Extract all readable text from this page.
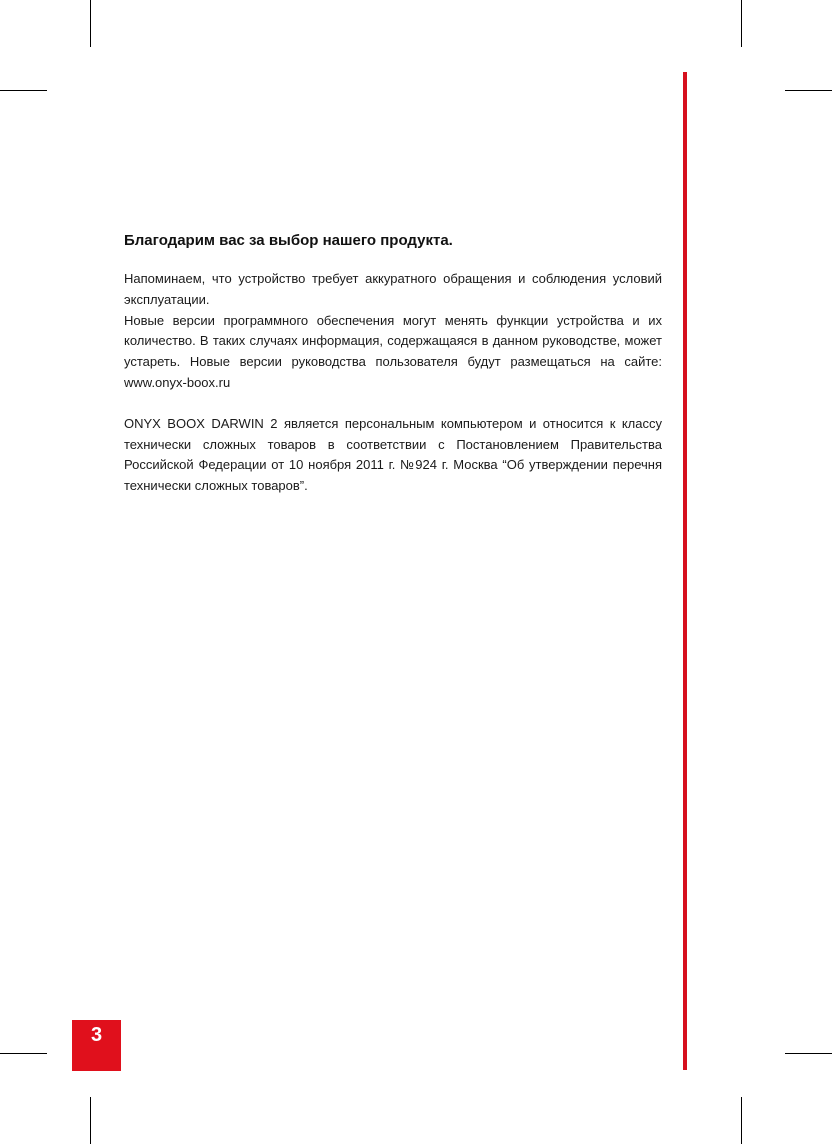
Благодарим вас за выбор нашего продукта.

Напоминаем, что устройство требует аккуратного обращения и соблюдения условий эксплуатации.

Новые версии программного обеспечения могут менять функции устройства и их количество. В таких случаях информация, содержащаяся в данном руководстве, может устареть. Новые версии руководства пользователя будут размещаться на сайте: www.onyx-boox.ru

ONYX BOOX DARWIN 2 является персональным компьютером и относится к классу технически сложных товаров в соответствии с Постановлением Правительства Российской Федерации от 10 ноября 2011 г. №924 г. Москва “Об утверждении перечня технически сложных товаров”.

3
